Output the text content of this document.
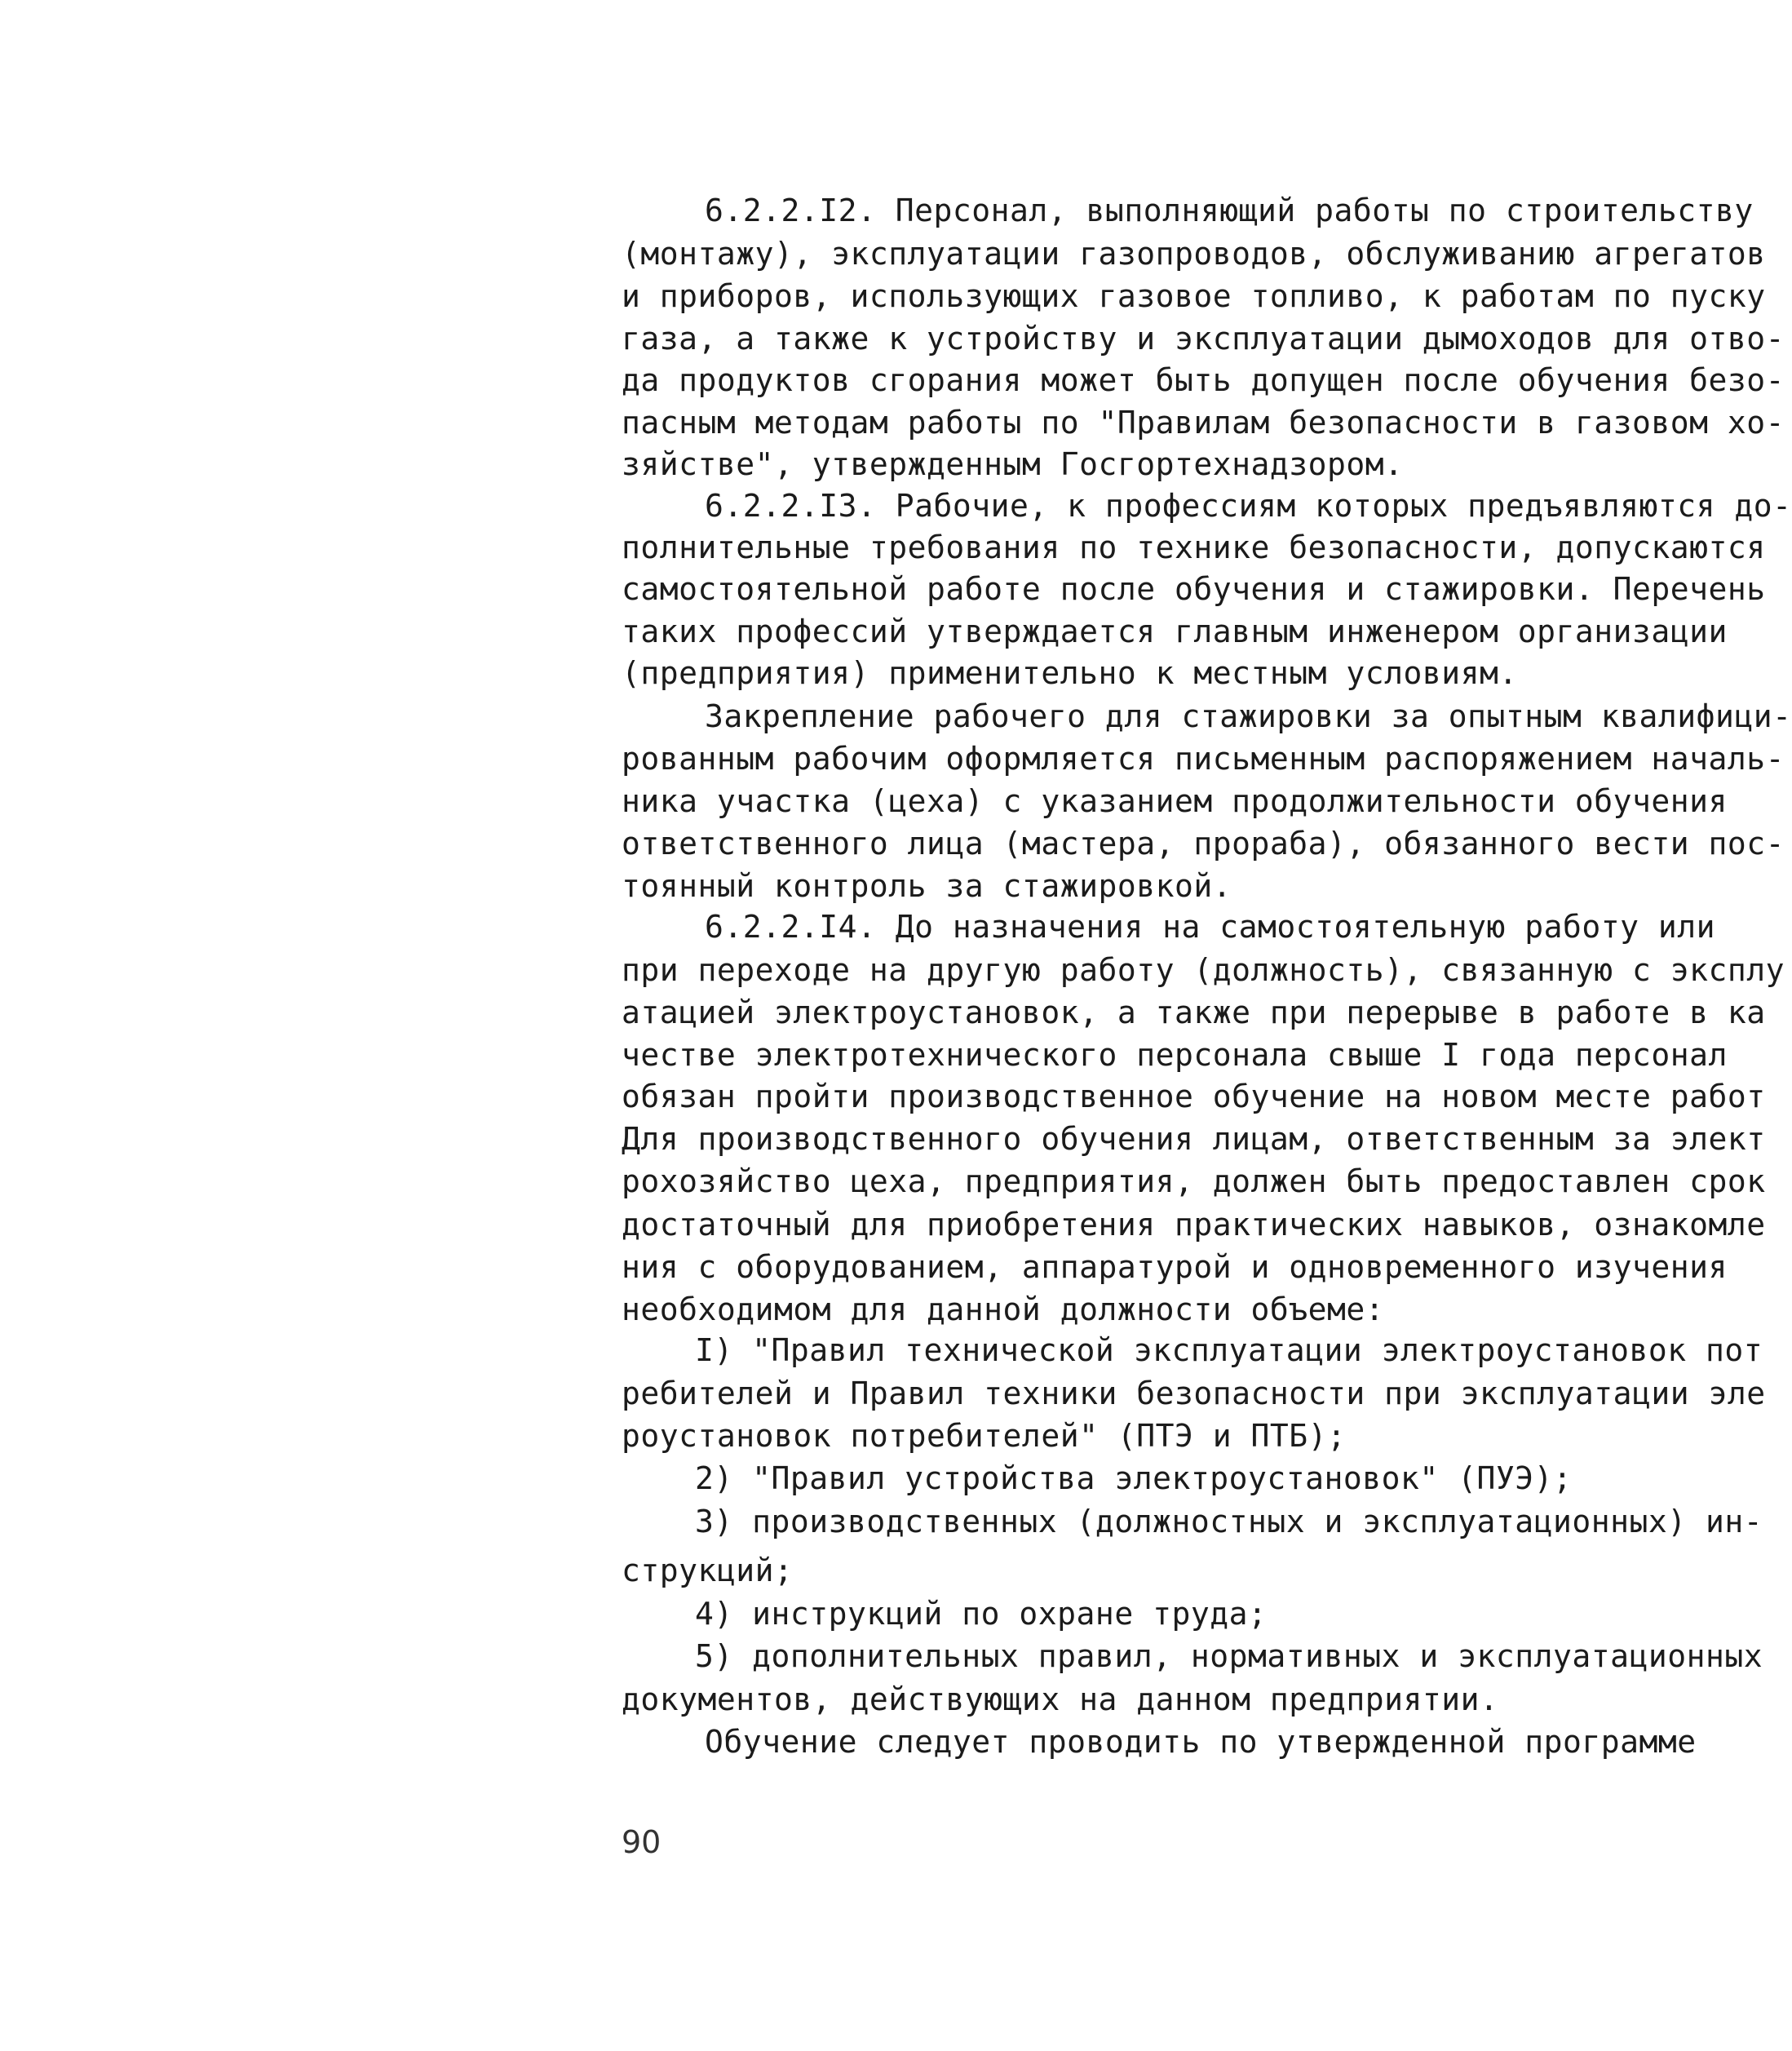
6.2.2.I2. Персонал, выполняющий работы по строительству

(монтажу), эксплуатации газопроводов, обслуживанию агрегатов

и приборов, использующих газовое топливо, к работам по пуску

газа, а также к устройству и эксплуатации дымоходов для отво-

да продуктов сгорания может быть допущен после обучения безо-

пасным методам работы по "Правилам безопасности в газовом хо-

зяйстве", утвержденным Госгортехнадзором.

6.2.2.I3. Рабочие, к профессиям которых предъявляются до-

полнительные требования по технике безопасности, допускаются

самостоятельной работе после обучения и стажировки. Перечень

таких профессий утверждается главным инженером организации

(предприятия) применительно к местным условиям.

Закрепление рабочего для стажировки за опытным квалифици-

рованным рабочим оформляется письменным распоряжением началь-

ника участка (цеха) с указанием продолжительности обучения

ответственного лица (мастера, прораба), обязанного вести пос-

тоянный контроль за стажировкой.

6.2.2.I4. До назначения на самостоятельную работу или

при переходе на другую работу (должность), связанную с эксплу

атацией электроустановок, а также при перерыве в работе в ка

честве электротехнического персонала свыше I года персонал

обязан пройти производственное обучение на новом месте работ

Для производственного обучения лицам, ответственным за элект

рохозяйство цеха, предприятия, должен быть предоставлен срок

достаточный для приобретения практических навыков, ознакомле

ния с оборудованием, аппаратурой и одновременного изучения

необходимом для данной должности объеме:

I) "Правил технической эксплуатации электроустановок пот

ребителей и Правил техники безопасности при эксплуатации эле

роустановок потребителей" (ПТЭ и ПТБ);

2) "Правил устройства электроустановок" (ПУЭ);

3) производственных (должностных и эксплуатационных) ин-

струкций;

4) инструкций по охране труда;

5) дополнительных правил, нормативных и эксплуатационных

документов, действующих на данном предприятии.

Обучение следует проводить по утвержденной программе

90
